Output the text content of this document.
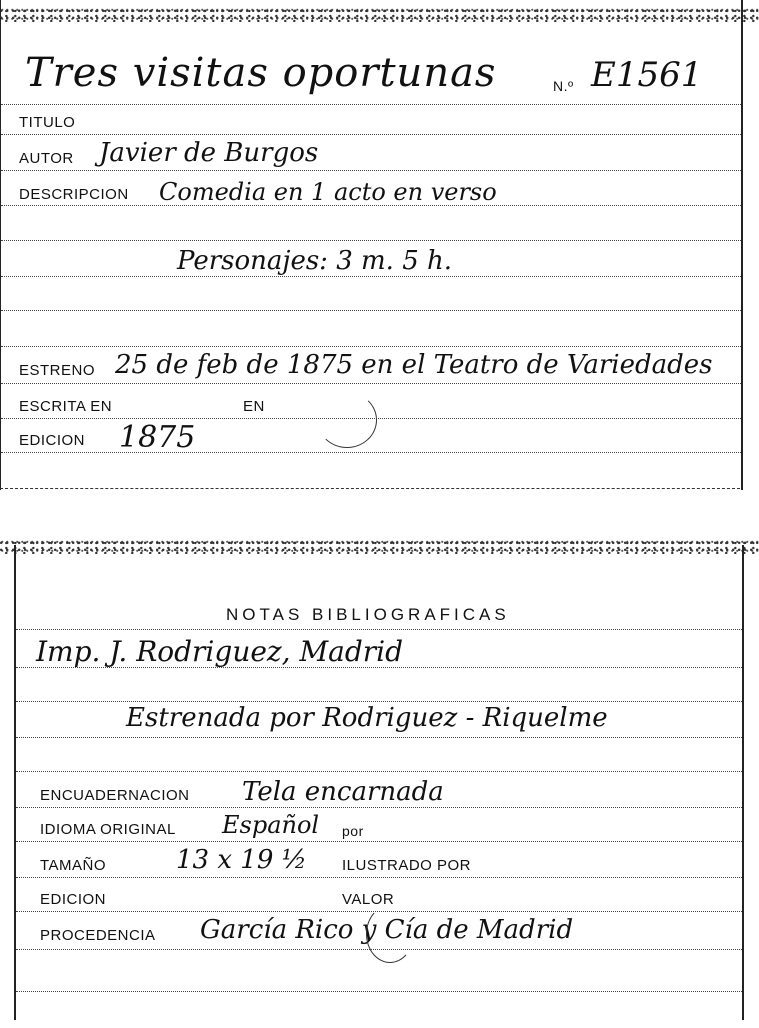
Tres visitas oportunas	N.º E1561
TITULO
AUTOR Javier de Burgos
DESCRIPCION Comedia en 1 acto en verso
Personajes: 3 m. 5 h.
ESTRENO 25 de feb de 1875 en el Teatro de Variedades
ESCRITA EN	EN
EDICION 1875
NOTAS BIBLIOGRAFICAS
Imp. J. Rodriguez, Madrid
Estrenada por Rodriguez - Riquelme
ENCUADERNACION Tela encarnada
IDIOMA ORIGINAL Español por
TAMAÑO	13 x 19 ½ ILUSTRADO POR
EDICION	VALOR
PROCEDENCIA García Rico y Cía de Madrid
